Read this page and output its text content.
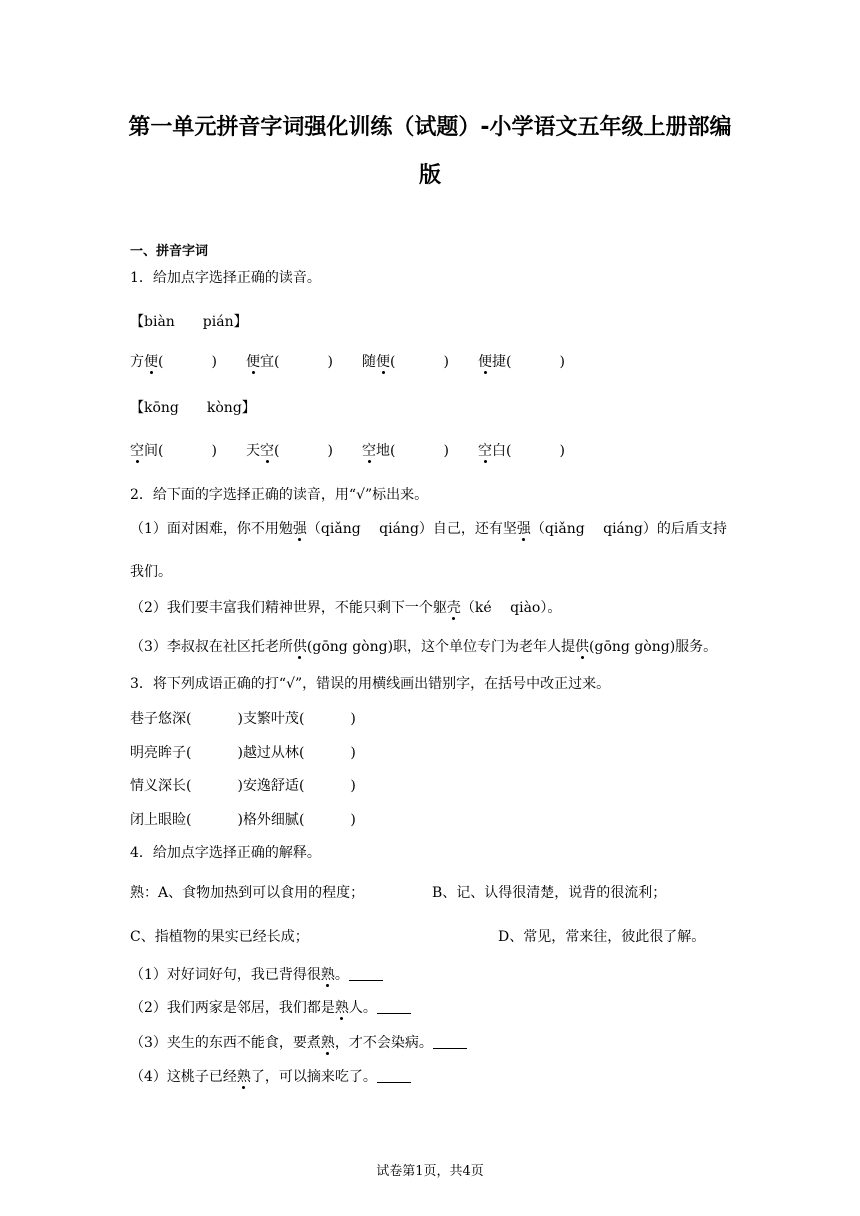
第一单元拼音字词强化训练（试题）-小学语文五年级上册部编
版
一、拼音字词
1．给加点字选择正确的读音。
【biàn　　pián】
方便(	)	便宜(	)	随便(	)	便捷(	)
【kōng　　kòng】
空间(	)	天空(	)	空地(	)	空白(	)
2．给下面的字选择正确的读音，用“√”标出来。
（1）面对困难，你不用勉强（qiǎng　 qiáng）自己，还有坚强（qiǎng　 qiáng）的后盾支持
我们。
（2）我们要丰富我们精神世界，不能只剩下一个躯壳（ké　 qiào）。
（3）李叔叔在社区托老所供(gōng gòng)职，这个单位专门为老年人提供(gōng gòng)服务。
3．将下列成语正确的打“√”，错误的用横线画出错别字，在括号中改正过来。
巷子悠深(	)支繁叶茂(	)
明亮眸子(	)越过从林(	)
情义深长(	)安逸舒适(	)
闭上眼睑(	)格外细腻(	)
4．给加点字选择正确的解释。
熟：A、食物加热到可以食用的程度；	B、记、认得很清楚，说背的很流利；
C、指植物的果实已经长成；	D、常见，常来往，彼此很了解。
（1）对好词好句，我已背得很熟。
（2）我们两家是邻居，我们都是熟人。
（3）夹生的东西不能食，要煮熟，才不会染病。
（4）这桃子已经熟了，可以摘来吃了。
试卷第1页，共4页
